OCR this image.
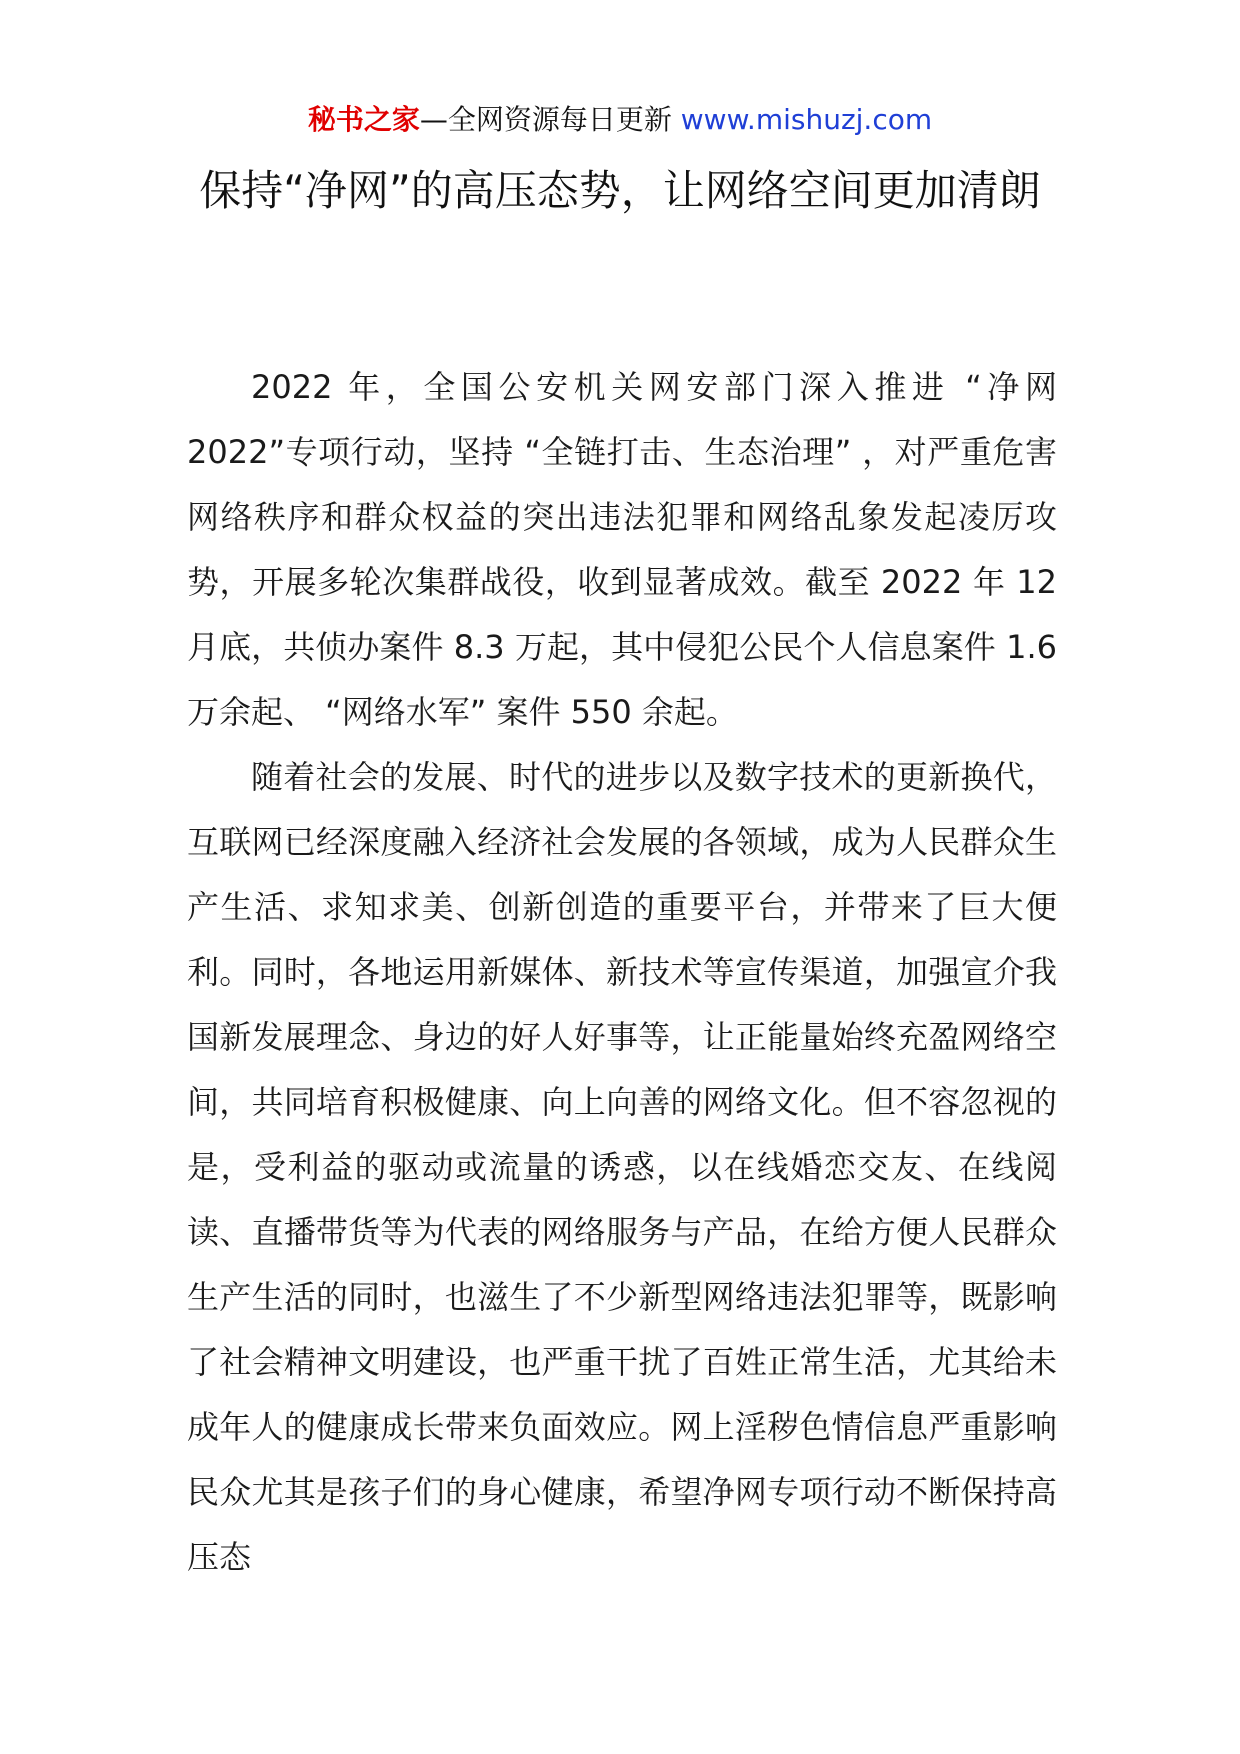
秘书之家—全网资源每日更新 www.mishuzj.com
保持“净网”的高压态势，让网络空间更加清朗

2022 年，全国公安机关网安部门深入推进 “净网 2022”专项行动，坚持 “全链打击、生态治理” ，对严重危害网络秩序和群众权益的突出违法犯罪和网络乱象发起凌厉攻势，开展多轮次集群战役，收到显著成效。截至 2022 年 12 月底，共侦办案件 8.3 万起，其中侵犯公民个人信息案件 1.6 万余起、 “网络水军” 案件 550 余起。

随着社会的发展、时代的进步以及数字技术的更新换代，互联网已经深度融入经济社会发展的各领域，成为人民群众生产生活、求知求美、创新创造的重要平台，并带来了巨大便利。同时，各地运用新媒体、新技术等宣传渠道，加强宣介我国新发展理念、身边的好人好事等，让正能量始终充盈网络空间，共同培育积极健康、向上向善的网络文化。但不容忽视的是，受利益的驱动或流量的诱惑，以在线婚恋交友、在线阅读、直播带货等为代表的网络服务与产品，在给方便人民群众生产生活的同时，也滋生了不少新型网络违法犯罪等，既影响了社会精神文明建设，也严重干扰了百姓正常生活，尤其给未成年人的健康成长带来负面效应。网上淫秽色情信息严重影响民众尤其是孩子们的身心健康，希望净网专项行动不断保持高压态
